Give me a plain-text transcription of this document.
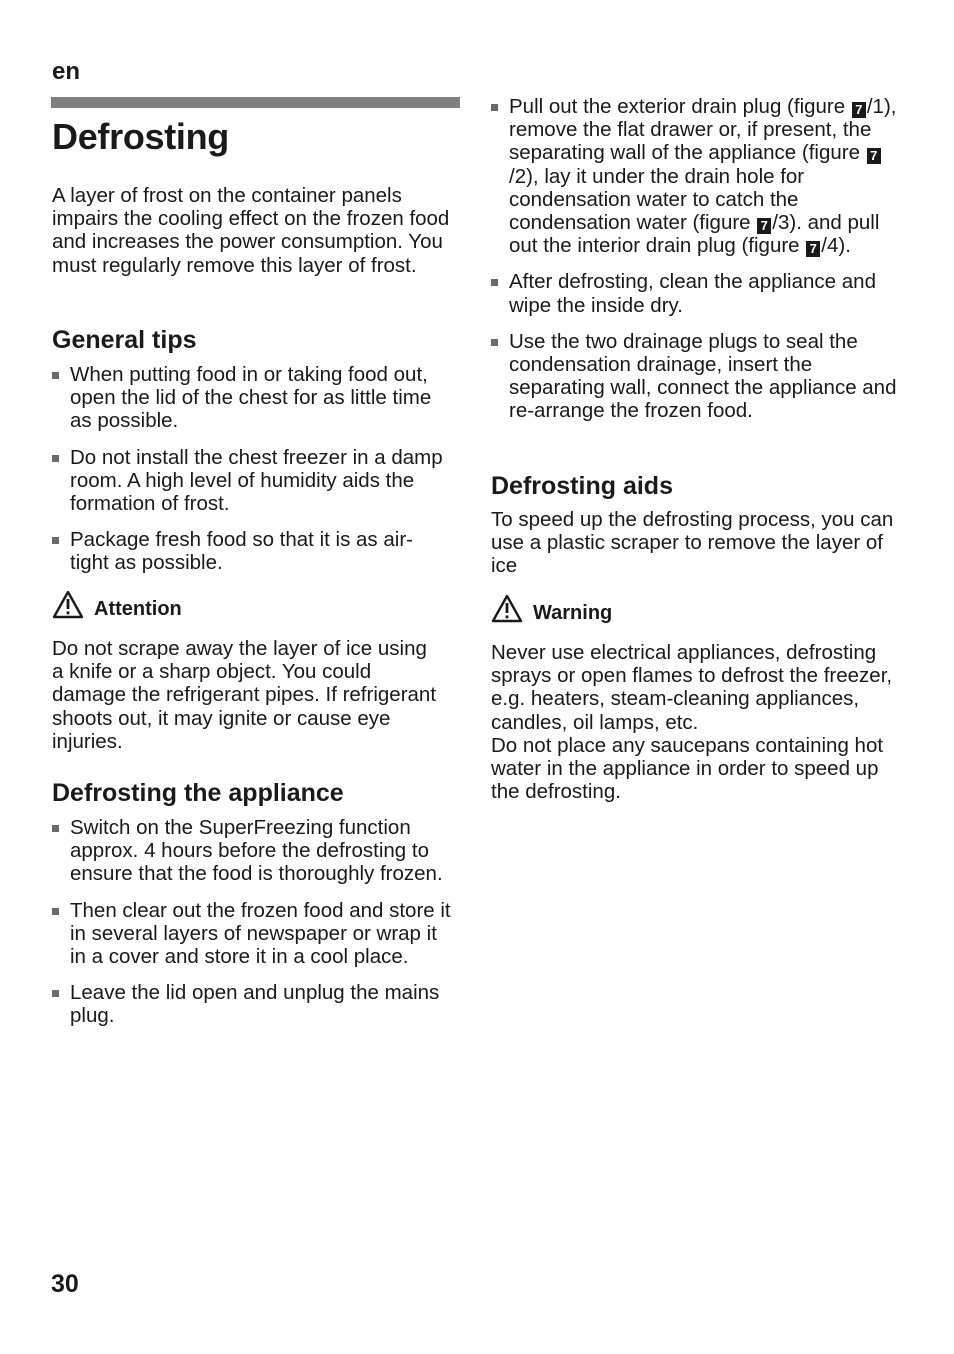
en
Defrosting

A layer of frost on the container panels impairs the cooling effect on the frozen food and increases the power consumption. You must regularly remove this layer of frost.

General tips
When putting food in or taking food out, open the lid of the chest for as little time as possible.
Do not install the chest freezer in a damp room. A high level of humidity aids the formation of frost.
Package fresh food so that it is as air-tight as possible.
Attention

Do not scrape away the layer of ice using a knife or a sharp object. You could damage the refrigerant pipes. If refrigerant shoots out, it may ignite or cause eye injuries.

Defrosting the appliance
Switch on the SuperFreezing function approx. 4 hours before the defrosting to ensure that the food is thoroughly frozen.
Then clear out the frozen food and store it in several layers of newspaper or wrap it in a cover and store it in a cool place.
Leave the lid open and unplug the mains plug.
Pull out the exterior drain plug (figure 7 /1), remove the flat drawer or, if present, the separating wall of the appliance (figure 7/2), lay it under the drain hole for condensation water to catch the condensation water (figure 7 /3). and pull out the interior drain plug (figure 7 /4).
After defrosting, clean the appliance and wipe the inside dry.
Use the two drainage plugs to seal the condensation drainage, insert the separating wall, connect the appliance and re-arrange the frozen food.
Defrosting aids

To speed up the defrosting process, you can use a plastic scraper to remove the layer of ice

Warning

Never use electrical appliances, defrosting sprays or open flames to defrost the freezer, e.g. heaters, steam-cleaning appliances, candles, oil lamps, etc.
Do not place any saucepans containing hot water in the appliance in order to speed up the defrosting.

30
